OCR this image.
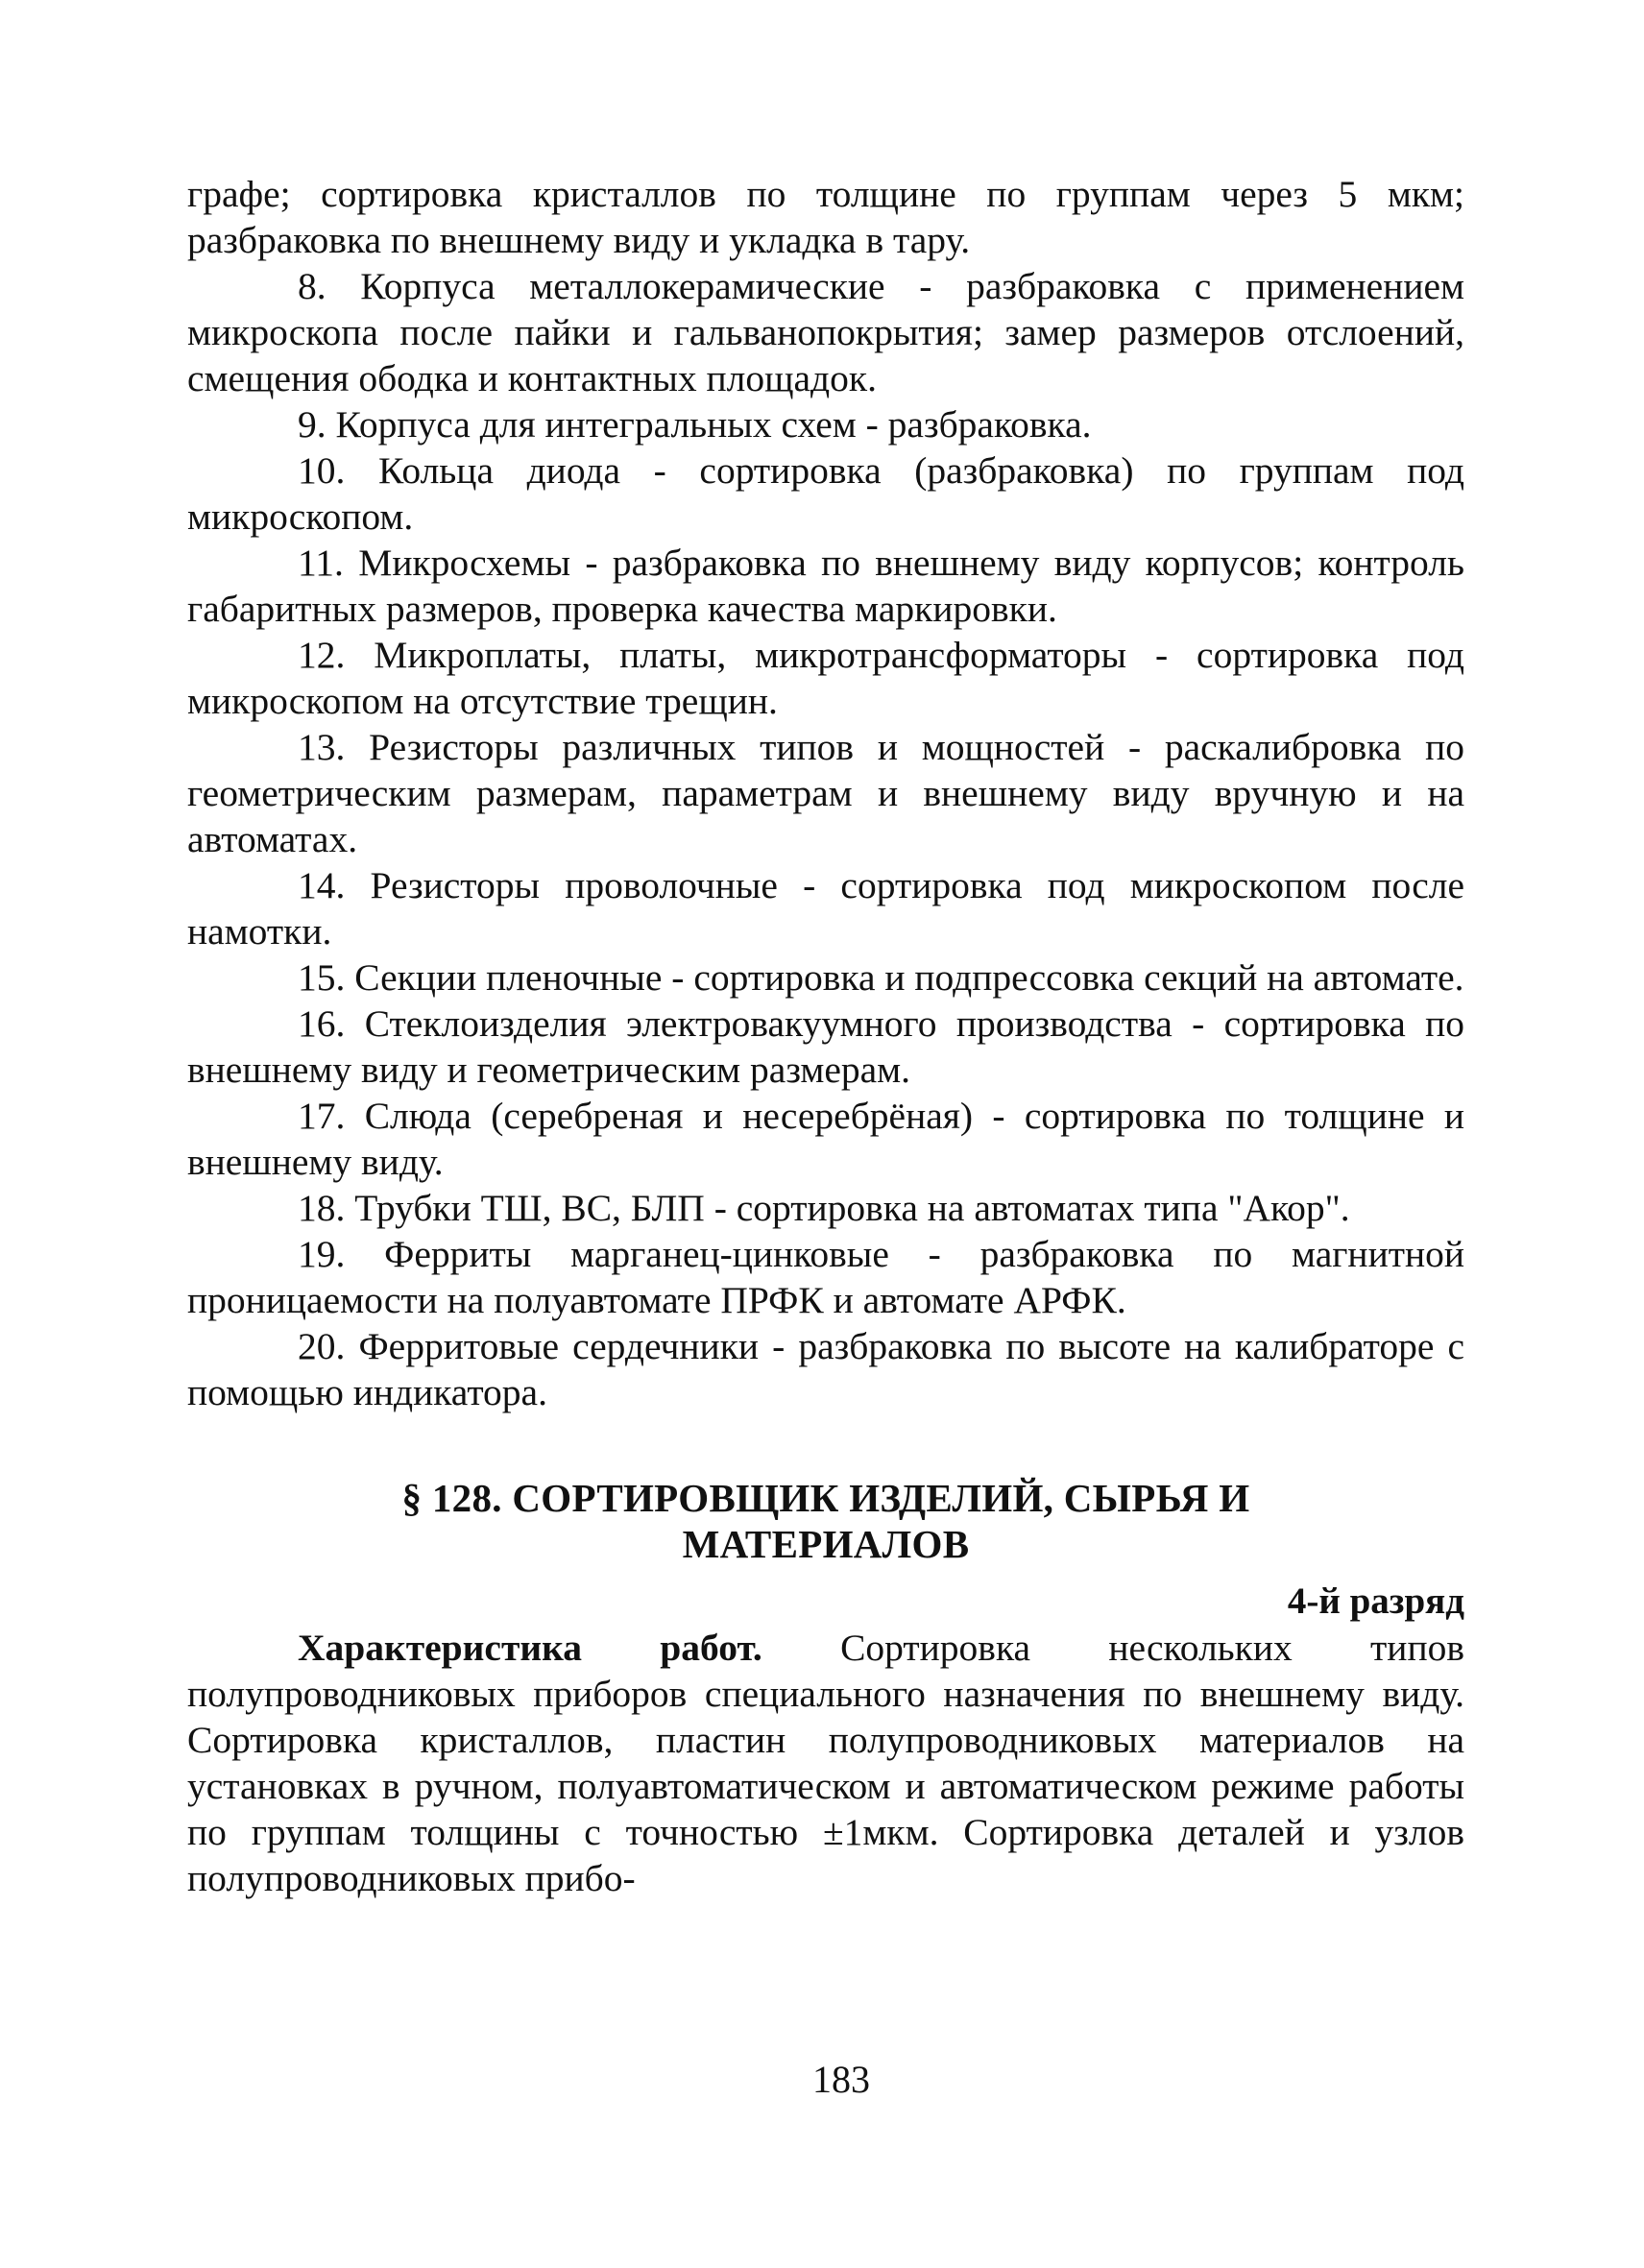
графе; сортировка кристаллов по толщине по группам через 5 мкм; разбраковка по внешнему виду и укладка в тару.

8. Корпуса металлокерамические - разбраковка с применением микроскопа после пайки и гальванопокрытия; замер размеров отслоений, смещения ободка и контактных площадок.

9. Корпуса для интегральных схем - разбраковка.

10. Кольца диода - сортировка (разбраковка) по группам под микроскопом.

11. Микросхемы - разбраковка по внешнему виду корпусов; контроль габаритных размеров, проверка качества маркировки.

12. Микроплаты, платы, микротрансформаторы - сортировка под микроскопом на отсутствие трещин.

13. Резисторы различных типов и мощностей - раскалибровка по геометрическим размерам, параметрам и внешнему виду вручную и на автоматах.

14. Резисторы проволочные - сортировка под микроскопом после намотки.

15. Секции пленочные - сортировка и подпрессовка секций на автомате.

16. Стеклоизделия электровакуумного производства - сортировка по внешнему виду и геометрическим размерам.

17. Слюда (серебреная и несеребрёная) - сортировка по толщине и внешнему виду.

18. Трубки ТШ, ВС, БЛП - сортировка на автоматах типа "Акор".

19. Ферриты марганец-цинковые - разбраковка по магнитной проницаемости на полуавтомате ПРФК и автомате АРФК.

20. Ферритовые сердечники - разбраковка по высоте на калибраторе с помощью индикатора.

§ 128. СОРТИРОВЩИК ИЗДЕЛИЙ, СЫРЬЯ И
МАТЕРИАЛОВ

4-й разряд

Характеристика работ. Сортировка нескольких типов полупроводниковых приборов специального назначения по внешнему виду. Сортировка кристаллов, пластин полупроводниковых материалов на установках в ручном, полуавтоматическом и автоматическом режиме работы по группам толщины с точностью ±1мкм. Сортировка деталей и узлов полупроводниковых прибо-

183
